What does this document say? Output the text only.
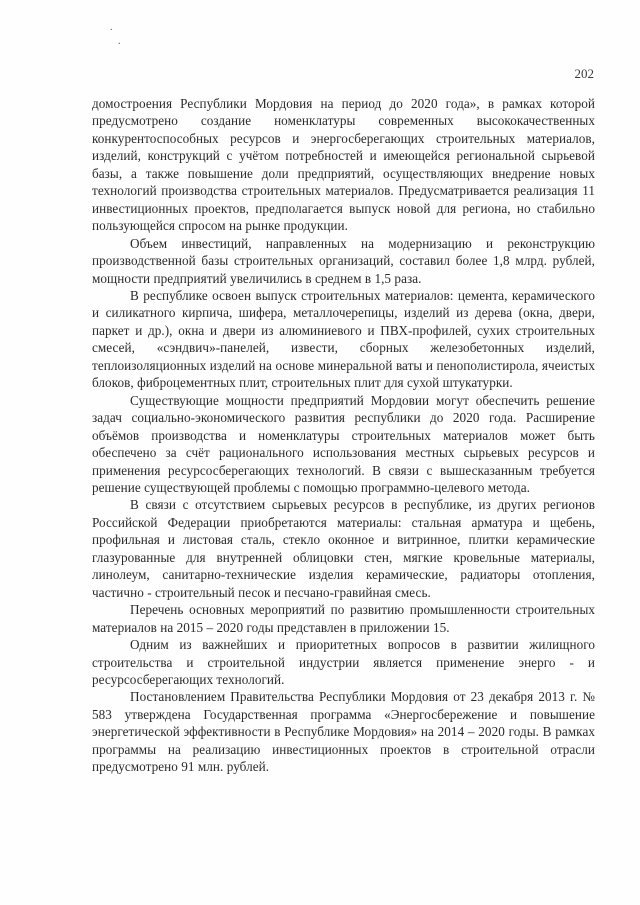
.
.
202

домостроения Республики Мордовия на период до 2020 года», в рамках которой предусмотрено создание номенклатуры современных высококачественных конкурентоспособных ресурсов и энергосберегающих строительных материалов, изделий, конструкций с учётом потребностей и имеющейся региональной сырьевой базы, а также повышение доли предприятий, осуществляющих внедрение новых технологий производства строительных материалов. Предусматривается реализация 11 инвестиционных проектов, предполагается выпуск новой для региона, но стабильно пользующейся спросом на рынке продукции.

Объем инвестиций, направленных на модернизацию и реконструкцию производственной базы строительных организаций, составил более 1,8 млрд. рублей, мощности предприятий увеличились в среднем в 1,5 раза.

В республике освоен выпуск строительных материалов: цемента, керамического и силикатного кирпича, шифера, металлочерепицы, изделий из дерева (окна, двери, паркет и др.), окна и двери из алюминиевого и ПВХ-профилей, сухих строительных смесей, «сэндвич»-панелей, извести, сборных железобетонных изделий, теплоизоляционных изделий на основе минеральной ваты и пенополистирола, ячеистых блоков, фиброцементных плит, строительных плит для сухой штукатурки.

Существующие мощности предприятий Мордовии могут обеспечить решение задач социально-экономического развития республики до 2020 года. Расширение объёмов производства и номенклатуры строительных материалов может быть обеспечено за счёт рационального использования местных сырьевых ресурсов и применения ресурсосберегающих технологий. В связи с вышесказанным требуется решение существующей проблемы с помощью программно-целевого метода.

В связи с отсутствием сырьевых ресурсов в республике, из других регионов Российской Федерации приобретаются материалы: стальная арматура и щебень, профильная и листовая сталь, стекло оконное и витринное, плитки керамические глазурованные для внутренней облицовки стен, мягкие кровельные материалы, линолеум, санитарно-технические изделия керамические, радиаторы отопления, частично - строительный песок и песчано-гравийная смесь.

Перечень основных мероприятий по развитию промышленности строительных материалов на 2015 – 2020 годы представлен в приложении 15.

Одним из важнейших и приоритетных вопросов в развитии жилищного строительства и строительной индустрии является применение энерго - и ресурсосберегающих технологий.

Постановлением Правительства Республики Мордовия от 23 декабря 2013 г. № 583 утверждена Государственная программа «Энергосбережение и повышение энергетической эффективности в Республике Мордовия» на 2014 – 2020 годы. В рамках программы на реализацию инвестиционных проектов в строительной отрасли предусмотрено 91 млн. рублей.
